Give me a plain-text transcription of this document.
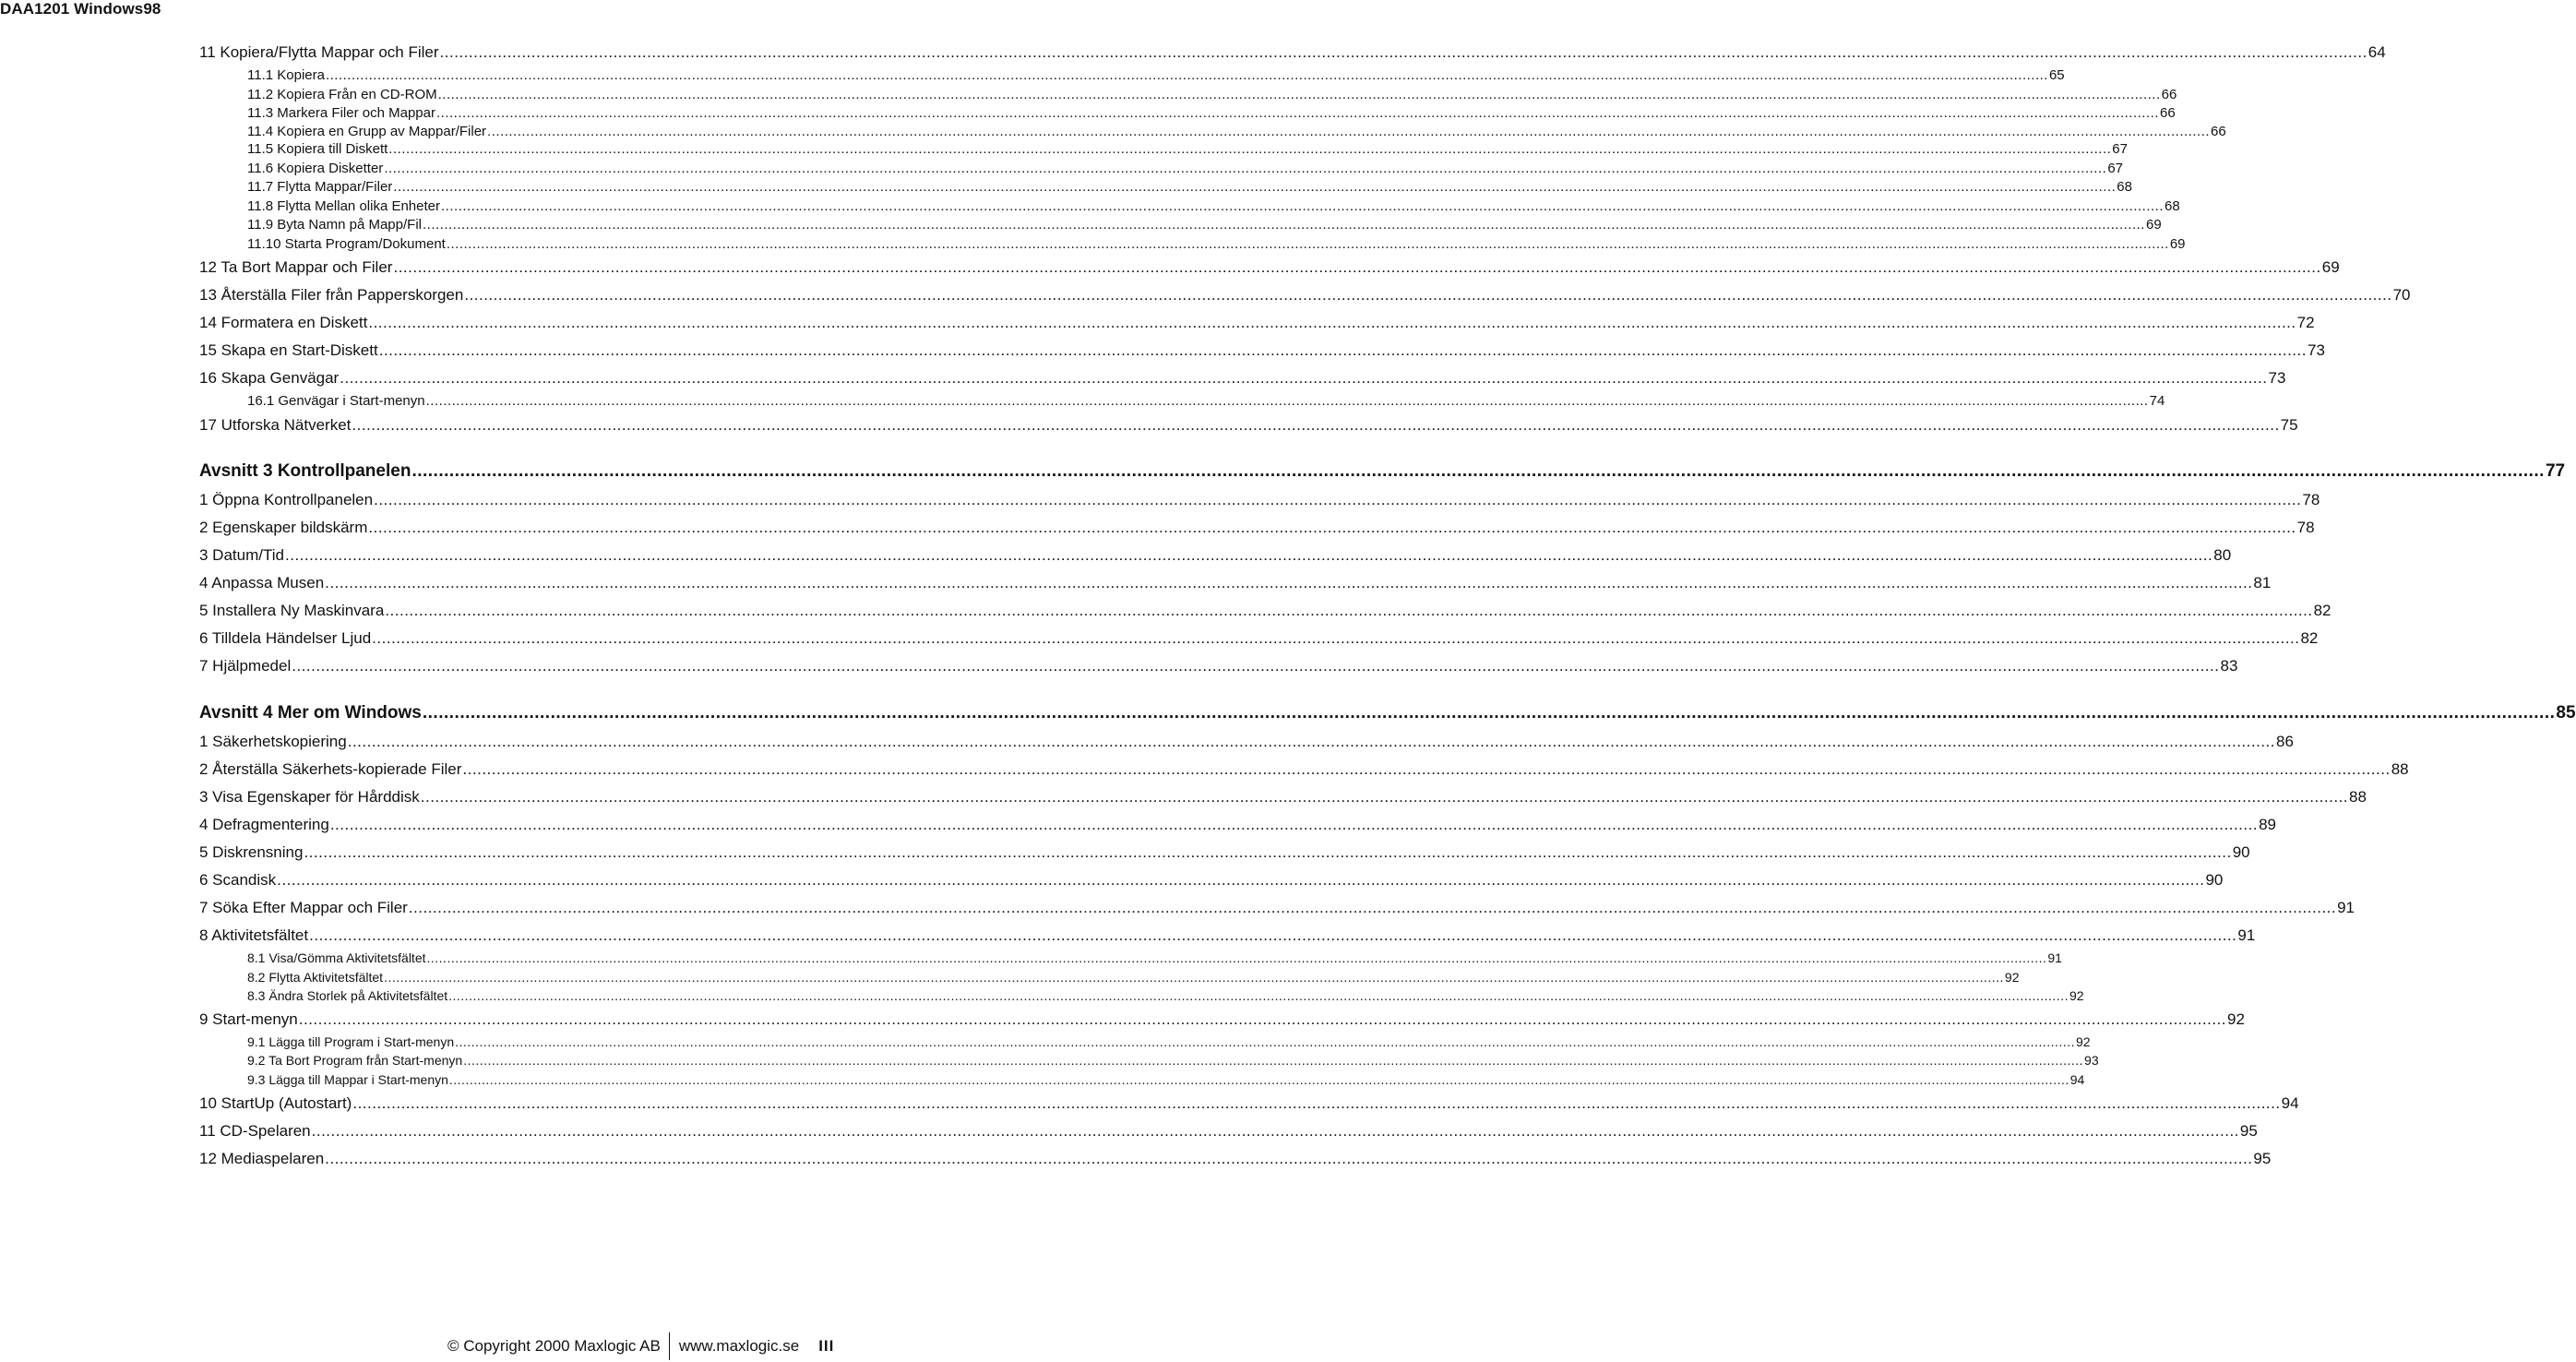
DAA1201 Windows98
11 Kopiera/Flytta Mappar och Filer ................................................................................................................................................................................................................................................................................................................................................................................................................ 64
11.1 Kopiera ................................................................................................................................................................................................................................................................................................................................................................................................................ 65
11.2 Kopiera Från en CD-ROM ................................................................................................................................................................................................................................................................................................................................................................................................................ 66
11.3 Markera Filer och Mappar ................................................................................................................................................................................................................................................................................................................................................................................................................ 66
11.4 Kopiera en Grupp av Mappar/Filer ................................................................................................................................................................................................................................................................................................................................................................................................................ 66
11.5 Kopiera till Diskett ................................................................................................................................................................................................................................................................................................................................................................................................................ 67
11.6 Kopiera Disketter ................................................................................................................................................................................................................................................................................................................................................................................................................ 67
11.7 Flytta Mappar/Filer ................................................................................................................................................................................................................................................................................................................................................................................................................ 68
11.8 Flytta Mellan olika Enheter ................................................................................................................................................................................................................................................................................................................................................................................................................ 68
11.9 Byta Namn på Mapp/Fil ................................................................................................................................................................................................................................................................................................................................................................................................................ 69
11.10 Starta Program/Dokument ................................................................................................................................................................................................................................................................................................................................................................................................................ 69
12 Ta Bort Mappar och Filer ................................................................................................................................................................................................................................................................................................................................................................................................................ 69
13 Återställa Filer från Papperskorgen ................................................................................................................................................................................................................................................................................................................................................................................................................ 70
14 Formatera en Diskett ................................................................................................................................................................................................................................................................................................................................................................................................................ 72
15 Skapa en Start-Diskett ................................................................................................................................................................................................................................................................................................................................................................................................................ 73
16 Skapa Genvägar ................................................................................................................................................................................................................................................................................................................................................................................................................ 73
16.1 Genvägar i Start-menyn ................................................................................................................................................................................................................................................................................................................................................................................................................ 74
17 Utforska Nätverket ................................................................................................................................................................................................................................................................................................................................................................................................................ 75
Avsnitt 3 Kontrollpanelen ................................................................................................................................................................................................................................................................................................................................................................................................................ 77
1 Öppna Kontrollpanelen ................................................................................................................................................................................................................................................................................................................................................................................................................ 78
2 Egenskaper bildskärm ................................................................................................................................................................................................................................................................................................................................................................................................................ 78
3 Datum/Tid ................................................................................................................................................................................................................................................................................................................................................................................................................ 80
4 Anpassa Musen ................................................................................................................................................................................................................................................................................................................................................................................................................ 81
5 Installera Ny Maskinvara ................................................................................................................................................................................................................................................................................................................................................................................................................ 82
6 Tilldela Händelser Ljud ................................................................................................................................................................................................................................................................................................................................................................................................................ 82
7 Hjälpmedel ................................................................................................................................................................................................................................................................................................................................................................................................................ 83
Avsnitt 4 Mer om Windows ................................................................................................................................................................................................................................................................................................................................................................................................................ 85
1 Säkerhetskopiering ................................................................................................................................................................................................................................................................................................................................................................................................................ 86
2 Återställa Säkerhets-kopierade Filer ................................................................................................................................................................................................................................................................................................................................................................................................................ 88
3 Visa Egenskaper för Hårddisk ................................................................................................................................................................................................................................................................................................................................................................................................................ 88
4 Defragmentering ................................................................................................................................................................................................................................................................................................................................................................................................................ 89
5 Diskrensning ................................................................................................................................................................................................................................................................................................................................................................................................................ 90
6 Scandisk ................................................................................................................................................................................................................................................................................................................................................................................................................ 90
7 Söka Efter Mappar och Filer ................................................................................................................................................................................................................................................................................................................................................................................................................ 91
8 Aktivitetsfältet ................................................................................................................................................................................................................................................................................................................................................................................................................ 91
8.1 Visa/Gömma Aktivitetsfältet ................................................................................................................................................................................................................................................................................................................................................................................................................ 91
8.2 Flytta Aktivitetsfältet ................................................................................................................................................................................................................................................................................................................................................................................................................ 92
8.3 Ändra Storlek på Aktivitetsfältet ................................................................................................................................................................................................................................................................................................................................................................................................................ 92
9 Start-menyn ................................................................................................................................................................................................................................................................................................................................................................................................................ 92
9.1 Lägga till Program i Start-menyn ................................................................................................................................................................................................................................................................................................................................................................................................................ 92
9.2 Ta Bort Program från Start-menyn ................................................................................................................................................................................................................................................................................................................................................................................................................ 93
9.3 Lägga till Mappar i Start-menyn ................................................................................................................................................................................................................................................................................................................................................................................................................ 94
10 StartUp (Autostart) ................................................................................................................................................................................................................................................................................................................................................................................................................ 94
11 CD-Spelaren ................................................................................................................................................................................................................................................................................................................................................................................................................ 95
12 Mediaspelaren ................................................................................................................................................................................................................................................................................................................................................................................................................ 95
© Copyright 2000 Maxlogic AB www.maxlogic.se III
